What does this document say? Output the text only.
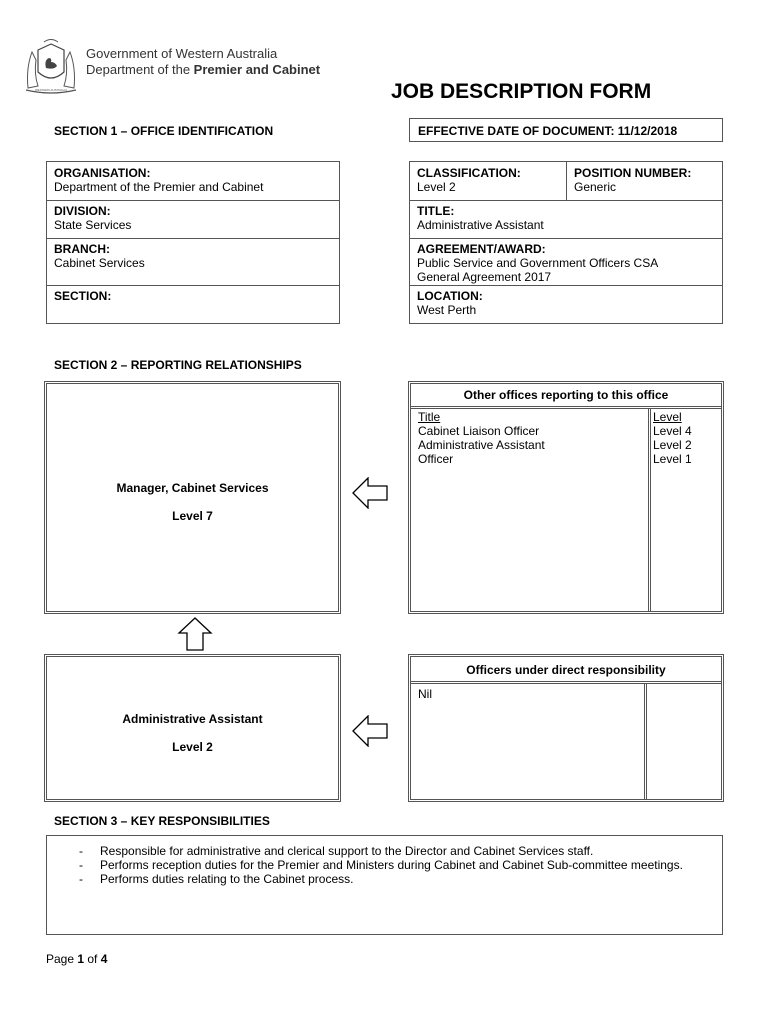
WESTERN AUSTRALIA
Government of Western Australia
Department of the Premier and Cabinet
JOB DESCRIPTION FORM
SECTION 1 – OFFICE IDENTIFICATION	EFFECTIVE DATE OF DOCUMENT: 11/12/2018
ORGANISATION:
Department of the Premier and Cabinet
DIVISION:
State Services
BRANCH:
Cabinet Services
SECTION:
CLASSIFICATION:
Level 2
POSITION NUMBER:
Generic
TITLE:
Administrative Assistant
AGREEMENT/AWARD:
Public Service and Government Officers CSA
General Agreement 2017
LOCATION:
West Perth
SECTION 2 – REPORTING RELATIONSHIPS
Manager, Cabinet Services
Level 7
Other offices reporting to this office
Title
Cabinet Liaison Officer
Administrative Assistant
Officer
Level
Level 4
Level 2
Level 1
Administrative Assistant
Level 2
Officers under direct responsibility
Nil
SECTION 3 – KEY RESPONSIBILITIES
- Responsible for administrative and clerical support to the Director and Cabinet Services staff.
- Performs reception duties for the Premier and Ministers during Cabinet and Cabinet Sub-committee meetings.
- Performs duties relating to the Cabinet process.
Page 1 of 4
